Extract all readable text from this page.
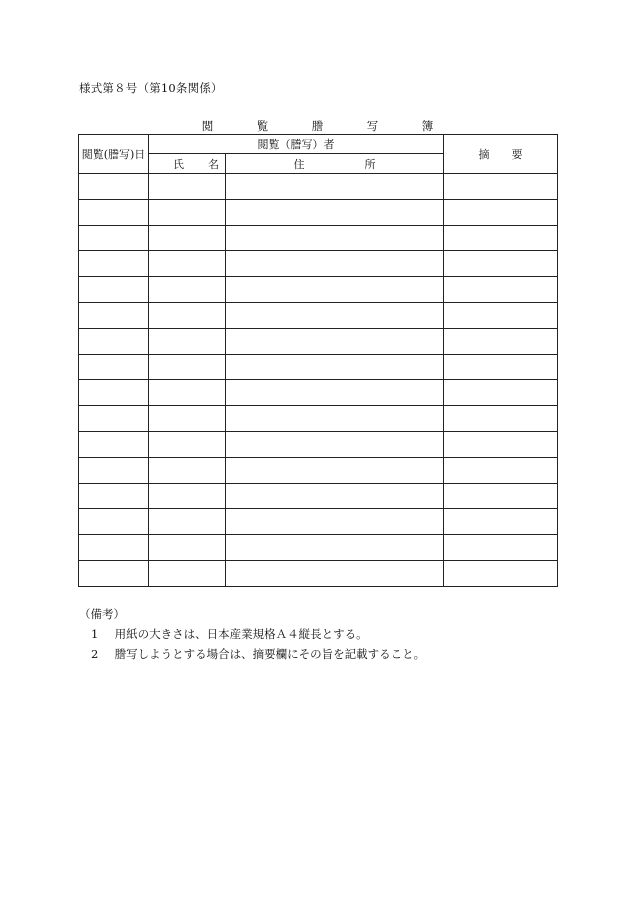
様式第８号（第10条関係）
閲　覧　謄　写　簿
閲覧(謄写)日	閲覧（謄写）者		摘要
	氏名	住所	

（備考）
1 用紙の大きさは、日本産業規格Ａ４縦長とする。
2 謄写しようとする場合は、摘要欄にその旨を記載すること。
